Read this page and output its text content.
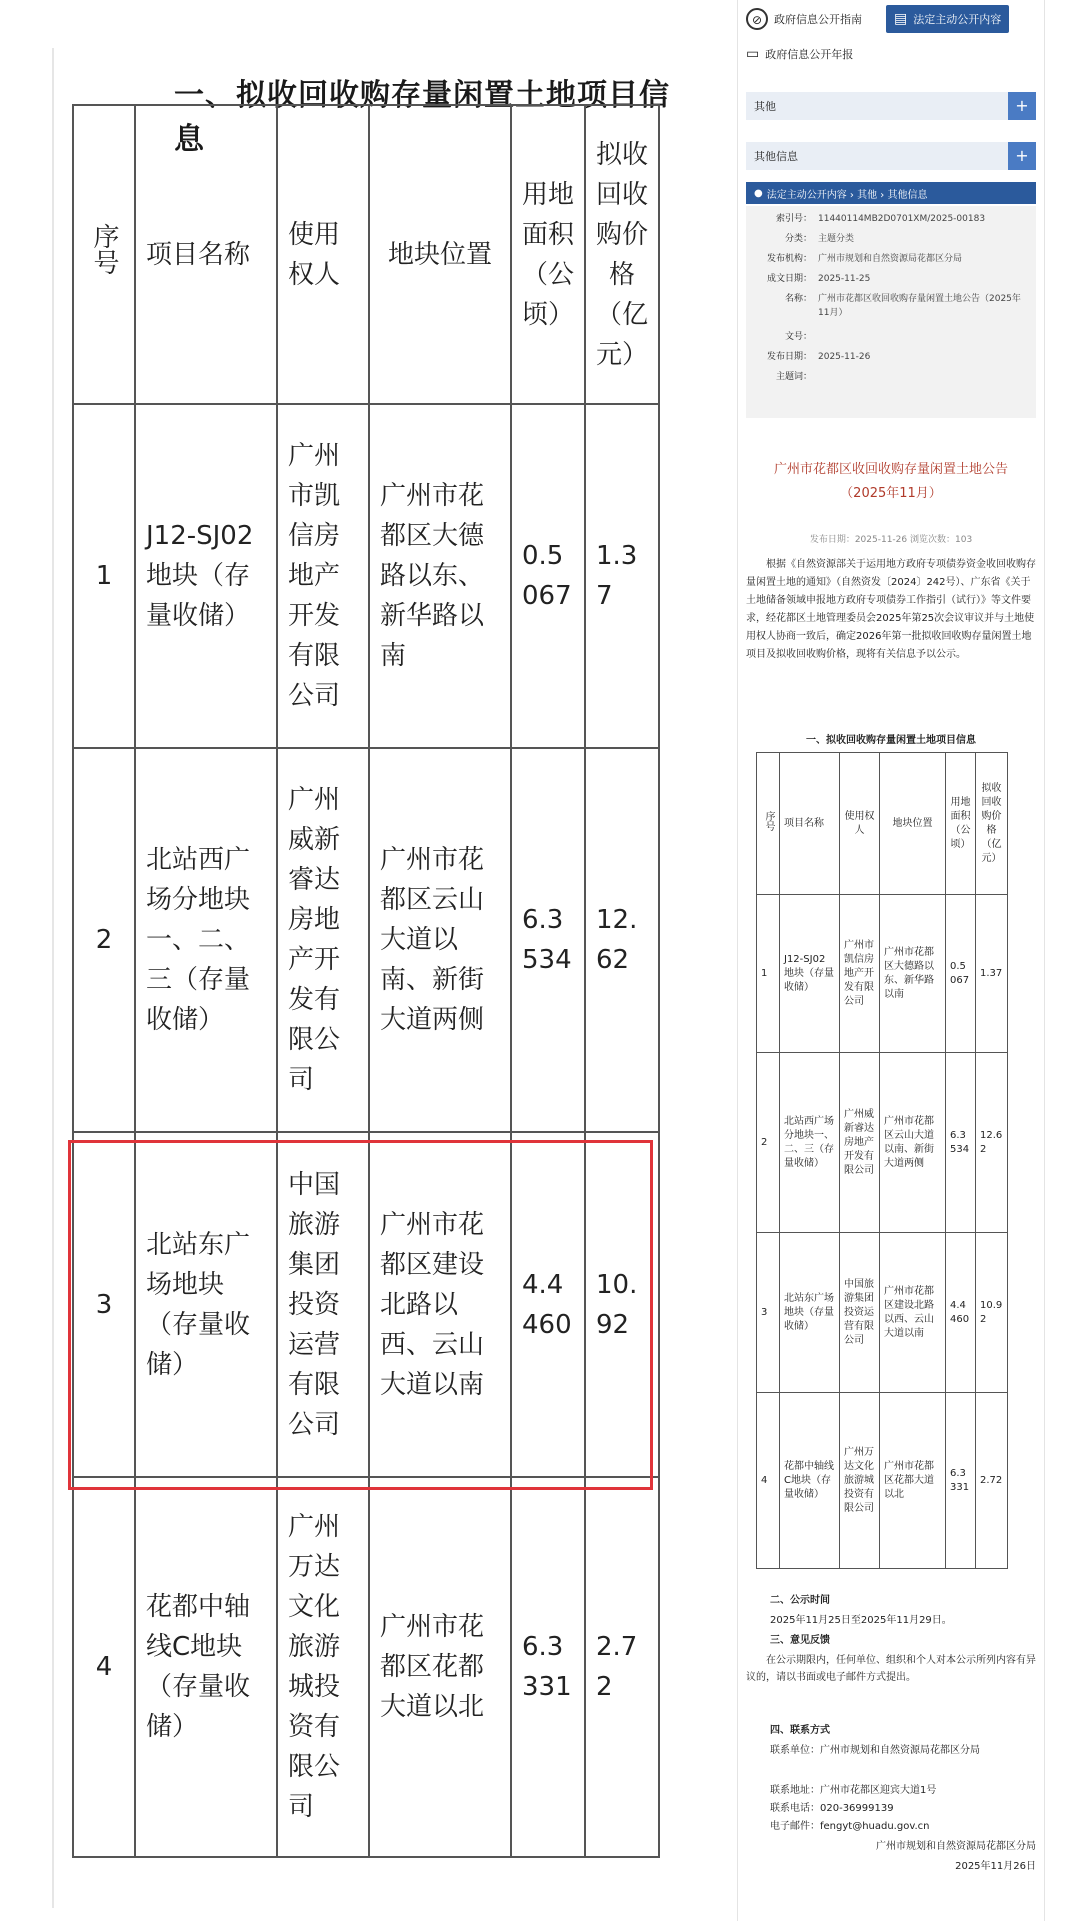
一、拟收回收购存量闲置土地项目信息
序号	项目名称	使用权人	地块位置	用地面积（公顷）	拟收回收购价格（亿元）
1	J12-SJ02地块（存量收储）	广州市凯信房地产开发有限公司	广州市花都区大德路以东、新华路以南	0.5067	1.37
2	北站西广场分地块一、二、三（存量收储）	广州威新睿达房地产开发有限公司	广州市花都区云山大道以南、新街大道两侧	6.3534	12.62
3	北站东广场地块（存量收储）	中国旅游集团投资运营有限公司	广州市花都区建设北路以西、云山大道以南	4.4460	10.92
4	花都中轴线C地块（存量收储）	广州万达文化旅游城投资有限公司	广州市花都区花都大道以北	6.3331	2.72
⊘	政府信息公开指南 ▤ 法定主动公开内容
▭ 政府信息公开年报
其他	+
其他信息	+
● 法定主动公开内容 › 其他 › 其他信息
索引号： 11440114MB2D0701XM/2025-00183
分类： 主题分类
发布机构： 广州市规划和自然资源局花都区分局
成文日期： 2025-11-25
名称： 广州市花都区收回收购存量闲置土地公告（2025年11月）
文号：
发布日期： 2025-11-26
主题词：
广州市花都区收回收购存量闲置土地公告
（2025年11月）
发布日期：2025-11-26 浏览次数：103
根据《自然资源部关于运用地方政府专项债券资金收回收购存量闲置土地的通知》（自然资发〔2024〕242号）、广东省《关于土地储备领域申报地方政府专项债券工作指引（试行）》等文件要求，经花都区土地管理委员会2025年第25次会议审议并与土地使用权人协商一致后，确定2026年第一批拟收回收购存量闲置土地项目及拟收回收购价格，现将有关信息予以公示。
一、拟收回收购存量闲置土地项目信息
序号	项目名称	使用权人	地块位置	用地面积（公顷）	拟收回收购价格（亿元）
1	J12-SJ02地块（存量收储）	广州市凯信房地产开发有限公司	广州市花都区大德路以东、新华路以南	0.5067	1.37
2	北站西广场分地块一、二、三（存量收储）	广州威新睿达房地产开发有限公司	广州市花都区云山大道以南、新街大道两侧	6.3534	12.62
3	北站东广场地块（存量收储）	中国旅游集团投资运营有限公司	广州市花都区建设北路以西、云山大道以南	4.4460	10.92
4	花都中轴线C地块（存量收储）	广州万达文化旅游城投资有限公司	广州市花都区花都大道以北	6.3331	2.72
二、公示时间
2025年11月25日至2025年11月29日。
三、意见反馈
在公示期限内，任何单位、组织和个人对本公示所列内容有异议的，请以书面或电子邮件方式提出。
四、联系方式
联系单位：广州市规划和自然资源局花都区分局
联系地址：广州市花都区迎宾大道1号
联系电话：020-36999139
电子邮件：fengyt@huadu.gov.cn
广州市规划和自然资源局花都区分局
2025年11月26日
